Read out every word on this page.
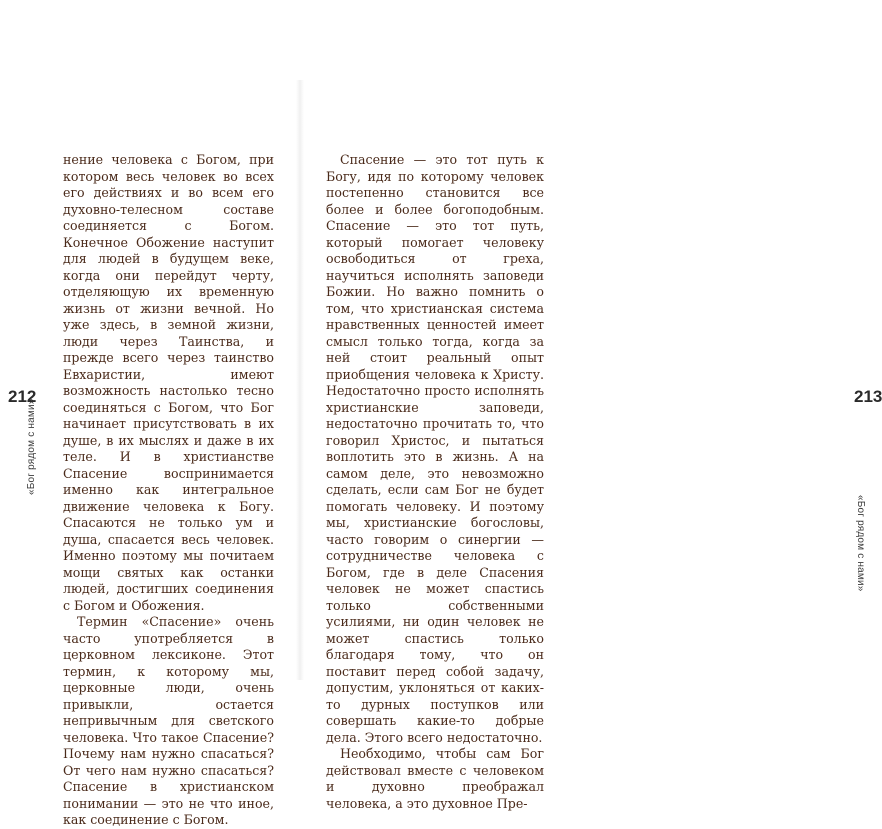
«Бог рядом с нами»
212
«Бог рядом с нами»
213

нение человека с Богом, при котором весь человек во всех его действиях и во всем его духовно-телесном составе соединяется с Богом. Конечное Обожение наступит для людей в будущем веке, когда они перейдут черту, отделяющую их временную жизнь от жизни вечной. Но уже здесь, в земной жизни, люди через Таинства, и прежде всего через таинство Евхаристии, имеют возможность настолько тесно соединяться с Богом, что Бог начинает присутствовать в их душе, в их мыслях и даже в их теле. И в христианстве Спасение воспринимается именно как интегральное движение человека к Богу. Спасаются не только ум и душа, спасается весь человек. Именно поэтому мы почитаем мощи святых как останки людей, достигших соединения с Богом и Обожения.

Термин «Спасение» очень часто употребляется в церковном лексиконе. Этот термин, к которому мы, церковные люди, очень привыкли, остается непривычным для светского человека. Что такое Спасение? Почему нам нужно спасаться? От чего нам нужно спасаться? Спасение в христианском понимании — это не что иное, как соединение с Богом.

Спасение — это тот путь к Богу, идя по которому человек постепенно становится все более и более богоподобным. Спасение — это тот путь, который помогает человеку освободиться от греха, научиться исполнять заповеди Божии. Но важно помнить о том, что христианская система нравственных ценностей имеет смысл только тогда, когда за ней стоит реальный опыт приобщения человека к Христу. Недостаточно просто исполнять христианские заповеди, недостаточно прочитать то, что говорил Христос, и пытаться воплотить это в жизнь. А на самом деле, это невозможно сделать, если сам Бог не будет помогать человеку. И поэтому мы, христианские богословы, часто говорим о синергии — сотрудничестве человека с Богом, где в деле Спасения человек не может спастись только собственными усилиями, ни один человек не может спастись только благодаря тому, что он поставит перед собой задачу, допустим, уклоняться от каких-то дурных поступков или совершать какие-то добрые дела. Этого всего недостаточно.

Необходимо, чтобы сам Бог действовал вместе с человеком и духовно преображал человека, а это духовное Пре-
